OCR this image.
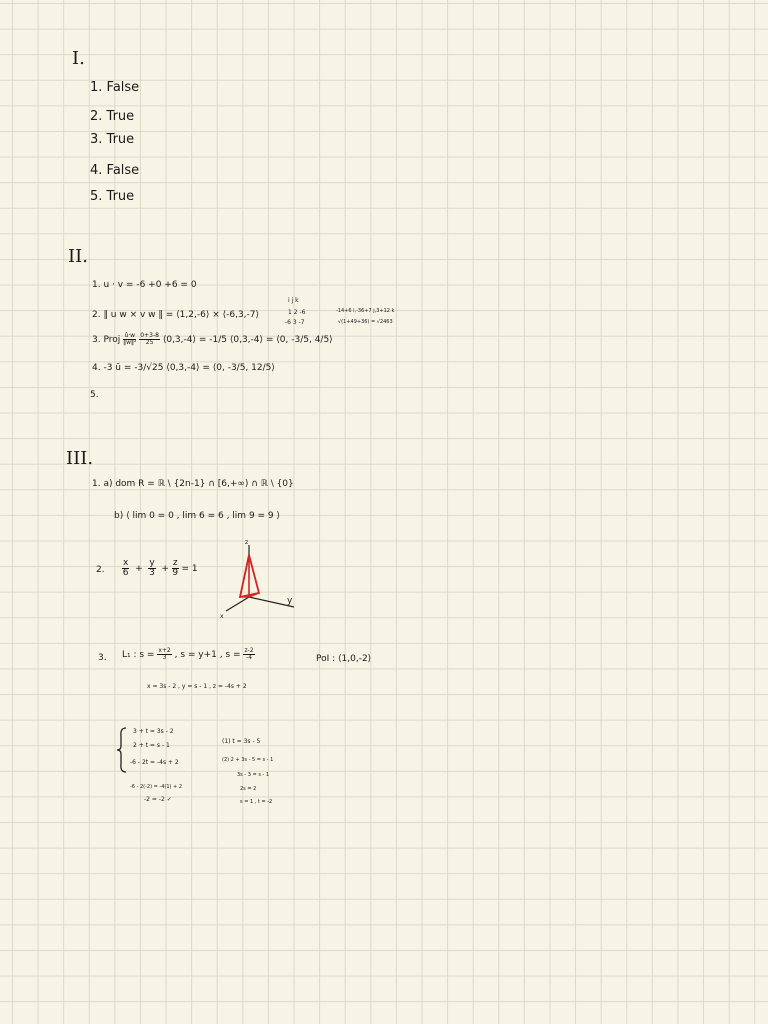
I.
1. False
2. True
3. True
4. False
5. True
II.
1. u · v = -6 +0 +6 = 0
2. ‖ u w × v w ‖ = ⟨1,2,-6⟩ × ⟨-6,3,-7⟩
i j k
1 2 -6
-6 3 -7
-14+6 i,-36+7 j,3+12 k
√(1+49+36) = √2463
3. Proj $\frac{û\cdot w}{\text{‖w‖²}}$
$\frac{0+3-8}{25}$ ⟨0,3,-4⟩ = -1/5 ⟨0,3,-4⟩ = ⟨0, -3/5, 4/5⟩
4. -3 ū = -3/√25 ⟨0,3,-4⟩ = ⟨0, -3/5, 12/5⟩
5.
III.
1. a) dom R = ℝ \ {2n-1} ∩ [6,+∞) ∩ ℝ \ {0}
b) ⟨ lim 0 = 0 , lim 6 = 6 , lim 9 = 9 ⟩
2. $\frac{x}{6} + \frac{y}{3} + \frac{z}{9} = 1$
z
y
x
3. L₁ : $s = \frac{x+2}{3}$ , s = y+1 , $s = \frac{z-2}{-4}$	PoI : ⟨1,0,-2⟩
x = 3s - 2 , y = s - 1 , z = -4s + 2
3 + t = 3s - 2
2 + t = s - 1
-6 - 2t = -4s + 2
(1) t = 3s - 5
(2) 2 + 3s - 5 = s - 1
3s - 3 = s - 1
2s = 2
s = 1 , t = -2
-6 - 2(-2) = -4(1) + 2
-2 = -2 ✓
